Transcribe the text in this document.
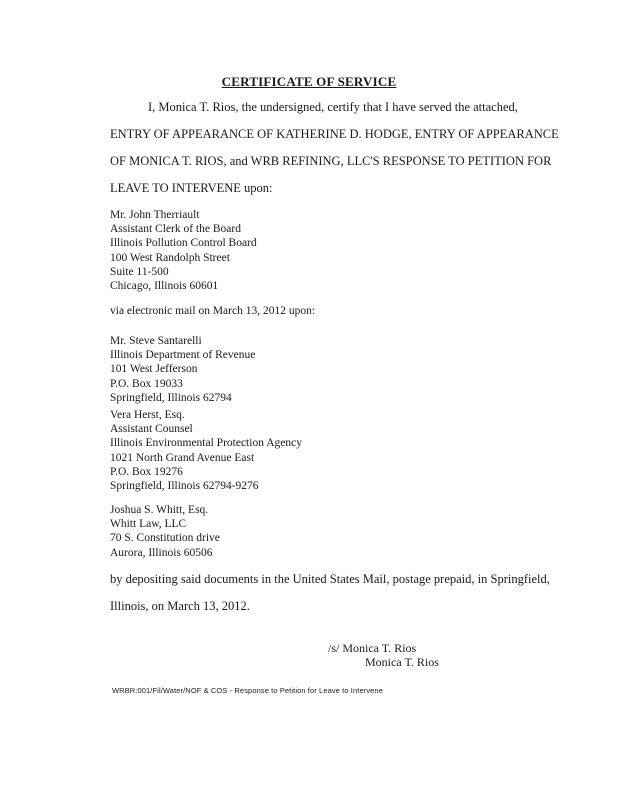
CERTIFICATE OF SERVICE
I, Monica T. Rios, the undersigned, certify that I have served the attached,
ENTRY OF APPEARANCE OF KATHERINE D. HODGE, ENTRY OF APPEARANCE
OF MONICA T. RIOS, and WRB REFINING, LLC'S RESPONSE TO PETITION FOR
LEAVE TO INTERVENE upon:
Mr. John Therriault
Assistant Clerk of the Board
Illinois Pollution Control Board
100 West Randolph Street
Suite 11-500
Chicago, Illinois 60601
via electronic mail on March 13, 2012 upon:
Mr. Steve Santarelli
Illinois Department of Revenue
101 West Jefferson
P.O. Box 19033
Springfield, Illinois 62794
Vera Herst, Esq.
Assistant Counsel
Illinois Environmental Protection Agency
1021 North Grand Avenue East
P.O. Box 19276
Springfield, Illinois 62794-9276
Joshua S. Whitt, Esq.
Whitt Law, LLC
70 S. Constitution drive
Aurora, Illinois 60506
by depositing said documents in the United States Mail, postage prepaid, in Springfield,
Illinois, on March 13, 2012.
/s/ Monica T. Rios
Monica T. Rios
WRBR:001/Fil/Water/NOF & COS - Response to Petition for Leave to Intervene
